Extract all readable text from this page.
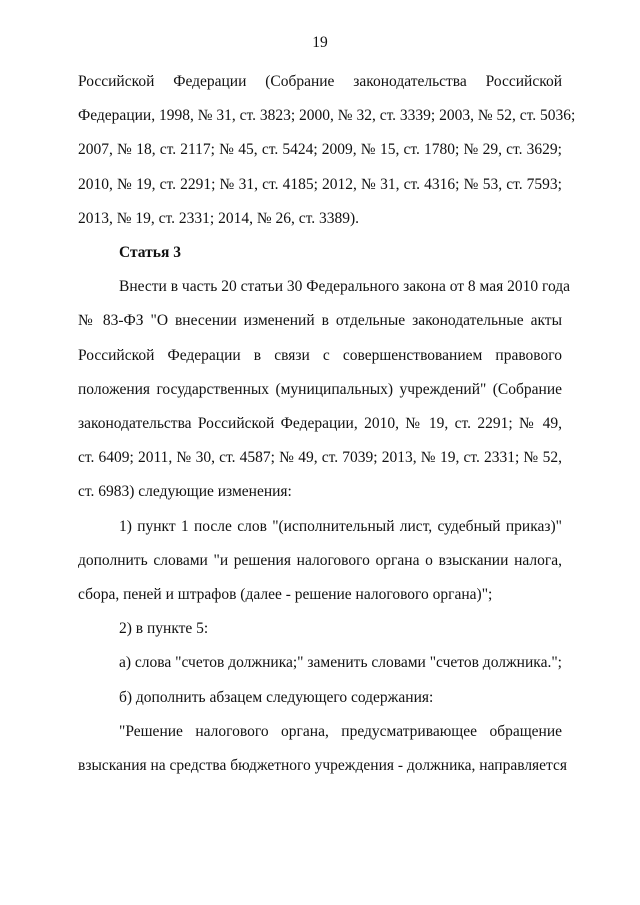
19
Российской Федерации (Собрание законодательства Российской
Федерации, 1998, № 31, ст. 3823; 2000, № 32, ст. 3339; 2003, № 52, ст. 5036;
2007, № 18, ст. 2117; № 45, ст. 5424; 2009, № 15, ст. 1780; № 29, ст. 3629;
2010, № 19, ст. 2291; № 31, ст. 4185; 2012, № 31, ст. 4316; № 53, ст. 7593;
2013, № 19, ст. 2331; 2014, № 26, ст. 3389).
Статья 3
Внести в часть 20 статьи 30 Федерального закона от 8 мая 2010 года
№ 83-ФЗ "О внесении изменений в отдельные законодательные акты
Российской Федерации в связи с совершенствованием правового
положения государственных (муниципальных) учреждений" (Собрание
законодательства Российской Федерации, 2010, № 19, ст. 2291; № 49,
ст. 6409; 2011, № 30, ст. 4587; № 49, ст. 7039; 2013, № 19, ст. 2331; № 52,
ст. 6983) следующие изменения:
1) пункт 1 после слов "(исполнительный лист, судебный приказ)"
дополнить словами "и решения налогового органа о взыскании налога,
сбора, пеней и штрафов (далее - решение налогового органа)";
2) в пункте 5:
а) слова "счетов должника;" заменить словами "счетов должника.";
б) дополнить абзацем следующего содержания:
"Решение налогового органа, предусматривающее обращение
взыскания на средства бюджетного учреждения - должника, направляется
